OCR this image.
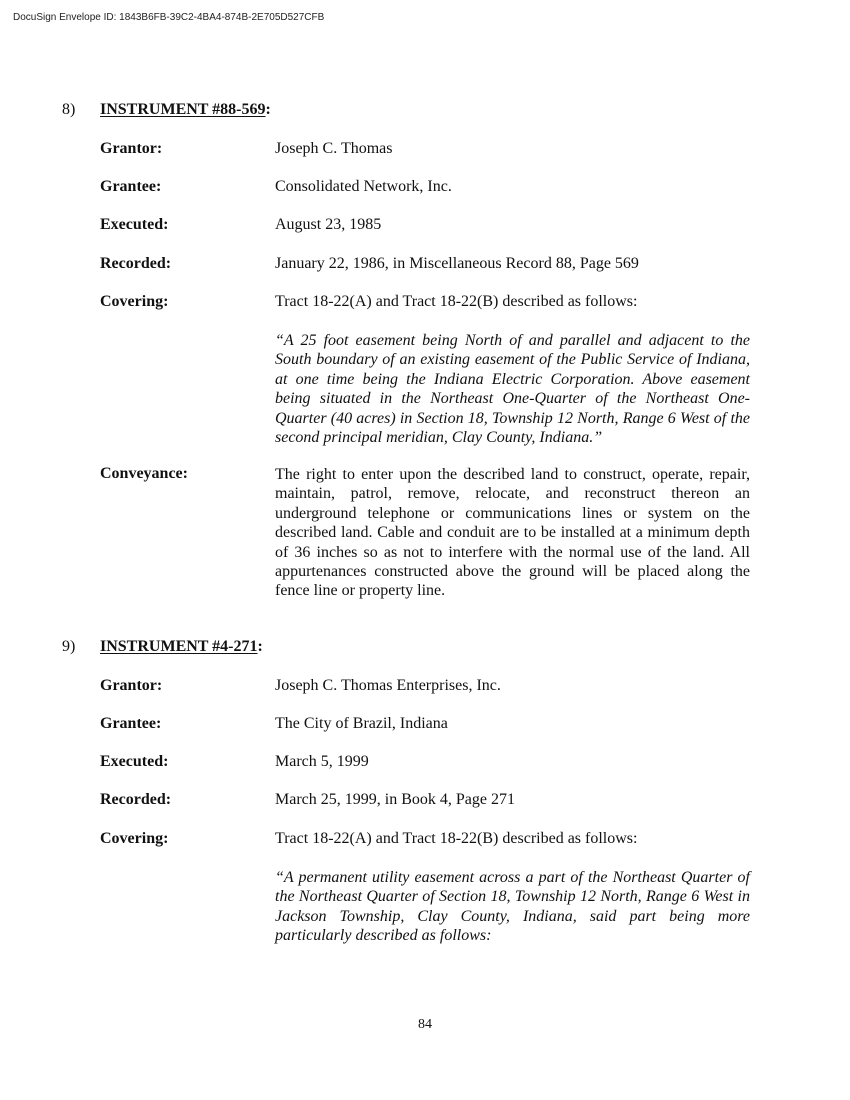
DocuSign Envelope ID: 1843B6FB-39C2-4BA4-874B-2E705D527CFB
8) INSTRUMENT #88-569:
Grantor:	Joseph C. Thomas
Grantee:	Consolidated Network, Inc.
Executed:	August 23, 1985
Recorded:	January 22, 1986, in Miscellaneous Record 88, Page 569
Covering:	Tract 18-22(A) and Tract 18-22(B) described as follows:
“A 25 foot easement being North of and parallel and adjacent to the South boundary of an existing easement of the Public Service of Indiana, at one time being the Indiana Electric Corporation. Above easement being situated in the Northeast One-Quarter of the Northeast One-Quarter (40 acres) in Section 18, Township 12 North, Range 6 West of the second principal meridian, Clay County, Indiana.”
Conveyance:	The right to enter upon the described land to construct, operate, repair, maintain, patrol, remove, relocate, and reconstruct thereon an underground telephone or communications lines or system on the described land. Cable and conduit are to be installed at a minimum depth of 36 inches so as not to interfere with the normal use of the land. All appurtenances constructed above the ground will be placed along the fence line or property line.
9) INSTRUMENT #4-271:
Grantor:	Joseph C. Thomas Enterprises, Inc.
Grantee:	The City of Brazil, Indiana
Executed:	March 5, 1999
Recorded:	March 25, 1999, in Book 4, Page 271
Covering:	Tract 18-22(A) and Tract 18-22(B) described as follows:
“A permanent utility easement across a part of the Northeast Quarter of the Northeast Quarter of Section 18, Township 12 North, Range 6 West in Jackson Township, Clay County, Indiana, said part being more particularly described as follows:
84
